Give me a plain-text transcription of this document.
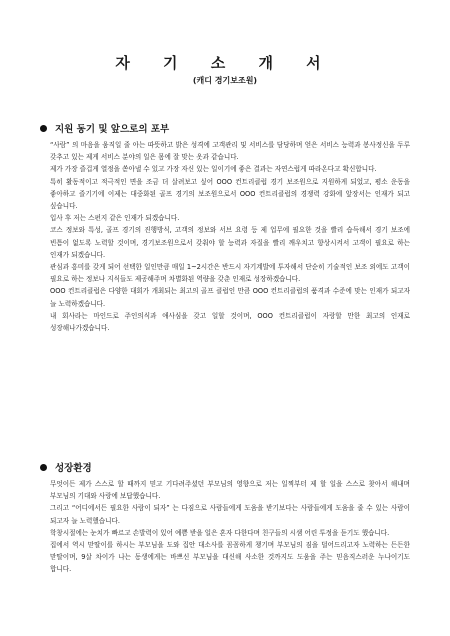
자 기 소 개 서
(캐디 경기보조원)
지원 동기 및 앞으로의 포부

“사람” 의 마음을 움직일 줄 아는 따뜻하고 밝은 성격에 고객관리 및 서비스를 담당하며 얻은 서비스 능력과 봉사정신을 두루 갖추고 있는 제게 서비스 분야의 일은 몸에 잘 맞는 옷과 같습니다.

제가 가장 즐겁게 열정을 쏟아낼 수 있고 가장 자신 있는 일이기에 좋은 결과는 자연스럽게 따라온다고 확신합니다.

특히 활동적이고 적극적인 면을 조금 더 살려보고 싶어 OOO 컨트리클럽 경기 보조원으로 지원하게 되었고, 평소 운동을 좋아하고 즐기기에 이제는 대중화된 골프 경기의 보조원으로서 OOO 컨트리클럽의 경쟁력 강화에 앞장서는 인재가 되고 싶습니다.

입사 후 저는 스펀지 같은 인재가 되겠습니다.

코스 정보와 특성, 골프 경기의 진행방식, 고객의 정보와 서브 요령 등 제 업무에 필요한 것을 빨리 습득해서 경기 보조에 빈틈이 없도록 노력할 것이며, 경기보조원으로서 갖춰야 할 능력과 자질을 빨리 깨우치고 향상시켜서 고객이 필요로 하는 인재가 되겠습니다.

관심과 흥미를 갖게 되어 선택한 일인만큼 매일 1~2시간은 반드시 자기계발에 투자해서 단순히 기술적인 보조 외에도 고객이 필요로 하는 정보나 지식들도 제공해주며 차별화된 역량을 갖춘 인재로 성장하겠습니다.

OOO 컨트리클럽은 다양한 대회가 개최되는 최고의 골프 클럽인 만큼 OOO 컨트리클럽의 품격과 수준에 맞는 인재가 되고자 늘 노력하겠습니다.

내 회사라는 마인드로 주인의식과 애사심을 갖고 일할 것이며, OOO 컨트리클럽이 자랑할 만한 최고의 인재로 성장해나가겠습니다.

성장환경

무엇이든 제가 스스로 할 때까지 믿고 기다려주셨던 부모님의 영향으로 저는 일찍부터 제 할 일을 스스로 찾아서 해내며 부모님의 기대와 사랑에 보답했습니다.

그리고 “어디에서든 필요한 사람이 되자” 는 다짐으로 사람들에게 도움을 받기보다는 사람들에게 도움을 줄 수 있는 사람이 되고자 늘 노력했습니다.

학창시절에는 눈치가 빠르고 손발력이 있어 예쁨 받을 일은 혼자 다한다며 친구들의 시샘 어린 투정을 듣기도 했습니다.

집에서 역시 맏딸이를 하시는 부모님을 도와 집안 대소사를 꼼꼼하게 챙기며 부모님의 짐을 덜어드리고자 노력하는 든든한 맏딸이며, 9살 차이가 나는 동생에게는 바쁘신 부모님을 대신해 사소한 것까지도 도움을 주는 믿음직스러운 누나이기도 합니다.
